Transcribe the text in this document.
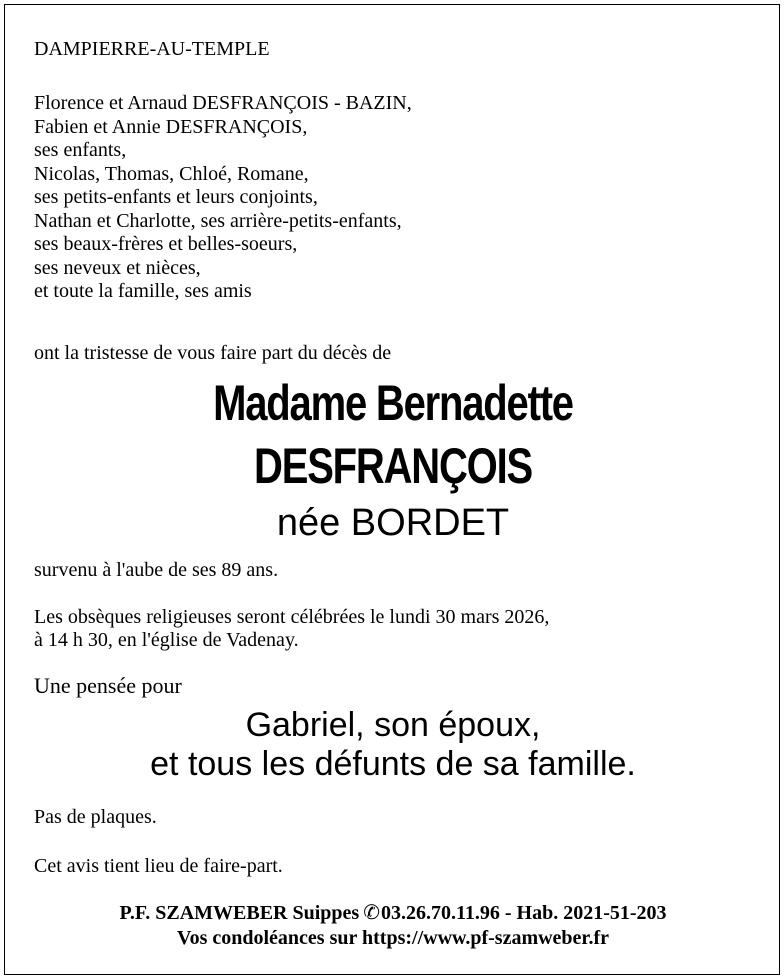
DAMPIERRE-AU-TEMPLE
Florence et Arnaud DESFRANÇOIS - BAZIN,
Fabien et Annie DESFRANÇOIS,
ses enfants,
Nicolas, Thomas, Chloé, Romane,
ses petits-enfants et leurs conjoints,
Nathan et Charlotte, ses arrière-petits-enfants,
ses beaux-frères et belles-soeurs,
ses neveux et nièces,
et toute la famille, ses amis
ont la tristesse de vous faire part du décès de
Madame Bernadette
DESFRANÇOIS
née BORDET
survenu à l'aube de ses 89 ans.
Les obsèques religieuses seront célébrées le lundi 30 mars 2026,
à 14 h 30, en l'église de Vadenay.
Une pensée pour
Gabriel, son époux,
et tous les défunts de sa famille.
Pas de plaques.
Cet avis tient lieu de faire-part.
P.F. SZAMWEBER Suippes ✆03.26.70.11.96 - Hab. 2021-51-203
Vos condoléances sur https://www.pf-szamweber.fr
